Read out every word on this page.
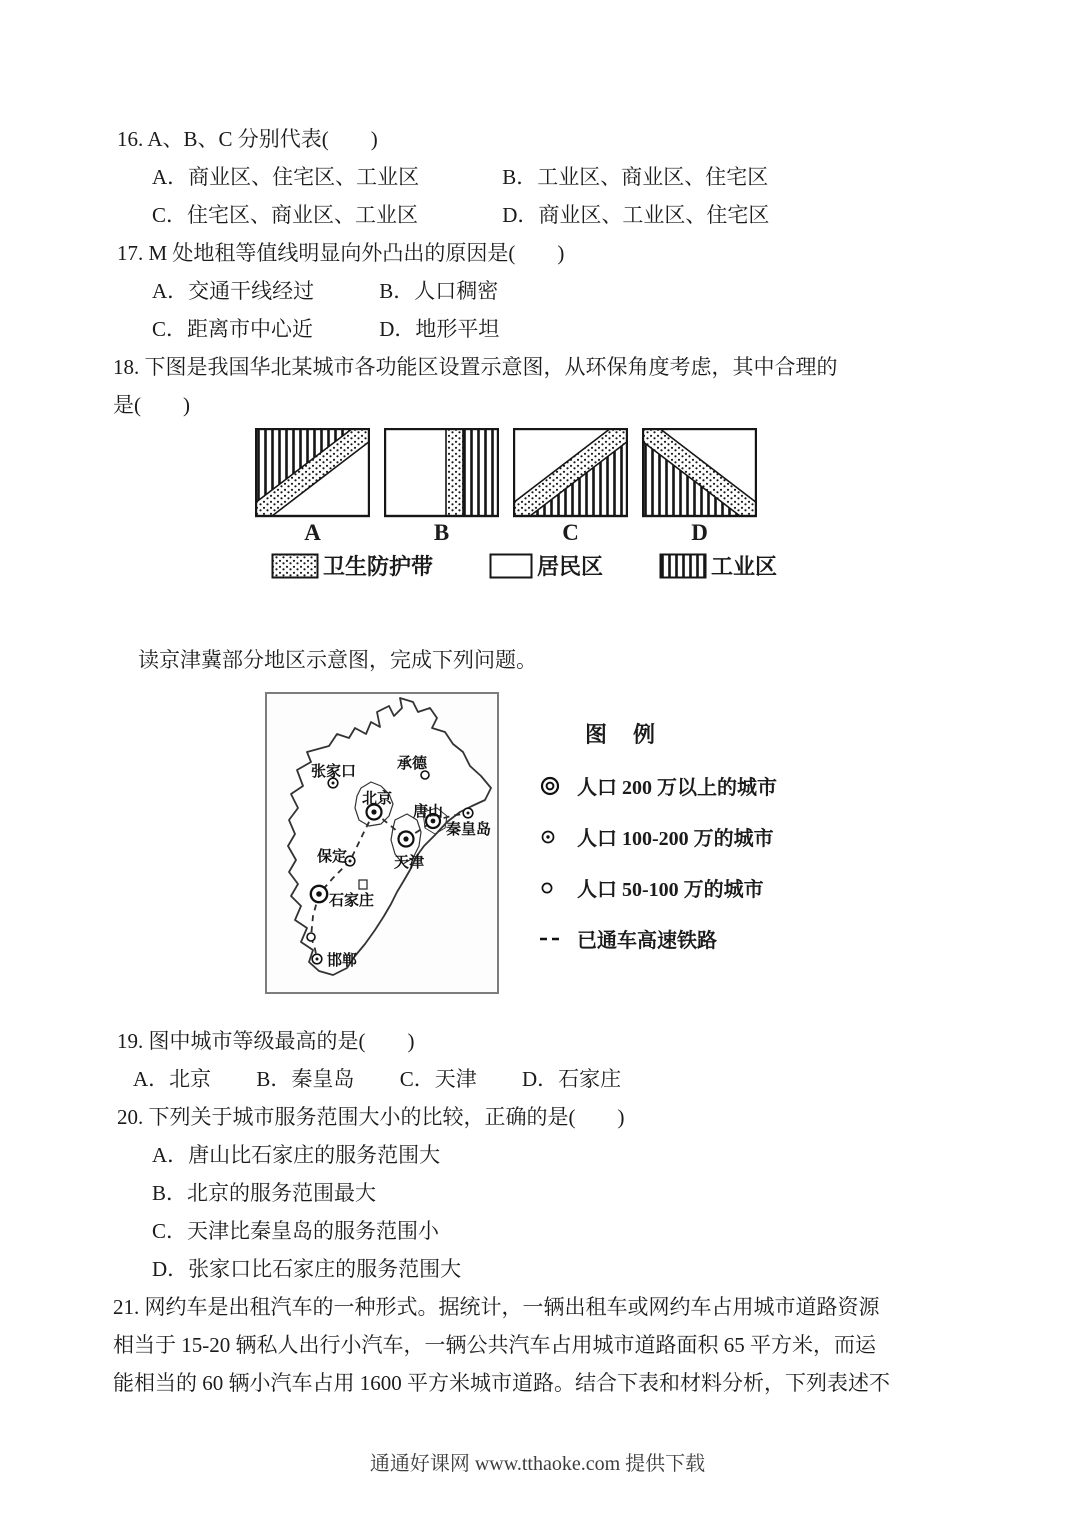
16. A、B、C 分别代表(　　)
A．商业区、住宅区、工业区	B．工业区、商业区、住宅区
C．住宅区、商业区、工业区	D．商业区、工业区、住宅区
17. M 处地租等值线明显向外凸出的原因是(　　)
A．交通干线经过	B．人口稠密
C．距离市中心近	D．地形平坦
18. 下图是我国华北某城市各功能区设置示意图，从环保角度考虑，其中合理的
是(　　)
A	B	C	D
卫生防护带	居民区	工业区
读京津冀部分地区示意图，完成下列问题。
张家口	承德
北京
唐山
秦皇岛
天津
保定
石家庄
邯郸
图　例
人口 200 万以上的城市
人口 100-200 万的城市
人口 50-100 万的城市
已通车高速铁路
19. 图中城市等级最高的是(　　)
A．北京 B．秦皇岛 C．天津 D．石家庄
20. 下列关于城市服务范围大小的比较，正确的是(　　)
A．唐山比石家庄的服务范围大
B．北京的服务范围最大
C．天津比秦皇岛的服务范围小
D．张家口比石家庄的服务范围大
21. 网约车是出租汽车的一种形式。据统计，一辆出租车或网约车占用城市道路资源
相当于 15-20 辆私人出行小汽车，一辆公共汽车占用城市道路面积 65 平方米，而运
能相当的 60 辆小汽车占用 1600 平方米城市道路。结合下表和材料分析，下列表述不
通通好课网 www.tthaoke.com 提供下载
